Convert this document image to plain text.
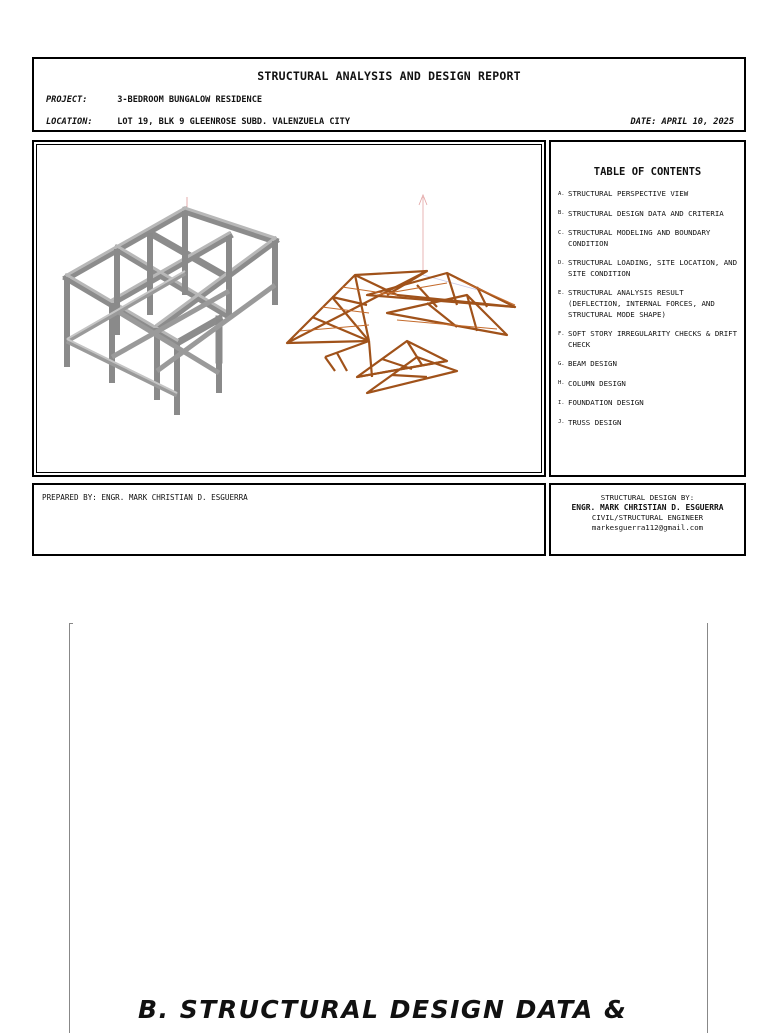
STRUCTURAL ANALYSIS AND DESIGN REPORT
PROJECT:	3-BEDROOM BUNGALOW RESIDENCE
LOCATION:	LOT 19, BLK 9 GLEENROSE SUBD. VALENZUELA CITY	DATE: APRIL 10, 2025
TABLE OF CONTENTS
A. STRUCTURAL PERSPECTIVE VIEW
B. STRUCTURAL DESIGN DATA AND CRITERIA
C. STRUCTURAL MODELING AND BOUNDARY CONDITION
D. STRUCTURAL LOADING, SITE LOCATION, AND SITE CONDITION
E. STRUCTURAL ANALYSIS RESULT (DEFLECTION, INTERNAL FORCES, AND STRUCTURAL MODE SHAPE)
F. SOFT STORY IRREGULARITY CHECKS & DRIFT CHECK
G. BEAM DESIGN
H. COLUMN DESIGN
I. FOUNDATION DESIGN
J. TRUSS DESIGN
PREPARED BY: ENGR. MARK CHRISTIAN D. ESGUERRA	STRUCTURAL DESIGN BY:
ENGR. MARK CHRISTIAN D. ESGUERRA
CIVIL/STRUCTURAL ENGINEER
markesguerra112@gmail.com
B. STRUCTURAL DESIGN DATA &
